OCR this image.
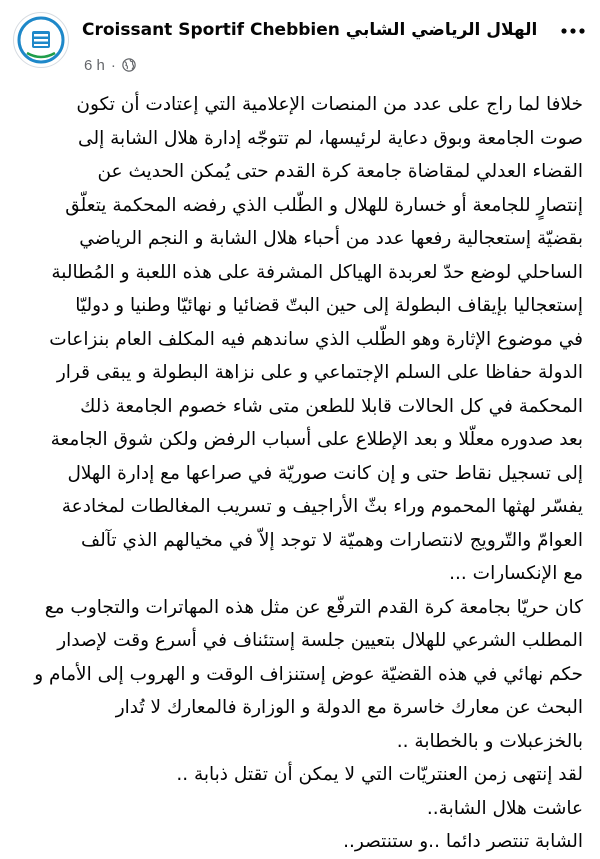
Croissant Sportif Chebbien الهلال الرياضي الشابي
6 h ·

خلافا لما راج على عدد من المنصات الإعلامية التي إعتادت أن تكون

صوت الجامعة وبوق دعاية لرئيسها، لم تتوجّه إدارة هلال الشابة إلى

القضاء العدلي لمقاضاة جامعة كرة القدم حتى يُمكن الحديث عن

إنتصارٍ للجامعة أو خسارة للهلال و الطّلب الذي رفضه المحكمة يتعلّق

بقضيّة إستعجالية رفعها عدد من أحباء هلال الشابة و النجم الرياضي

الساحلي لوضع حدّ لعربدة الهياكل المشرفة على هذه اللعبة و المُطالبة

إستعجاليا بإيقاف البطولة إلى حين البتّ قضائيا و نهائيّا وطنيا و دوليّا

في موضوع الإثارة وهو الطّلب الذي ساندهم فيه المكلف العام بنزاعات

الدولة حفاظا على السلم الإجتماعي و على نزاهة البطولة و يبقى قرار

المحكمة في كل الحالات قابلا للطعن متى شاء خصوم الجامعة ذلك

بعد صدوره معلّلا و بعد الإطلاع على أسباب الرفض ولكن شوق الجامعة

إلى تسجيل نقاط حتى و إن كانت صوريّة في صراعها مع إدارة الهلال

يفسّر لهثها المحموم وراء بثّ الأراجيف و تسريب المغالطات لمخادعة

العوامّ والتّرويج لانتصارات وهميّة لا توجد إلاّ في مخيالهم الذي تآلف

مع الإنكسارات ...

كان حريّا بجامعة كرة القدم الترفّع عن مثل هذه المهاترات والتجاوب مع

المطلب الشرعي للهلال بتعيين جلسة إستئناف في أسرع وقت لإصدار

حكم نهائي في هذه القضيّة عوض إستنزاف الوقت و الهروب إلى الأمام و

البحث عن معارك خاسرة مع الدولة و الوزارة فالمعارك لا تُدار

بالخزعبلات و بالخطابة ..

لقد إنتهى زمن العنتريّات التي لا يمكن أن تقتل ذبابة ..

عاشت هلال الشابة..

الشابة تنتصر دائما ..و ستنتصر..
